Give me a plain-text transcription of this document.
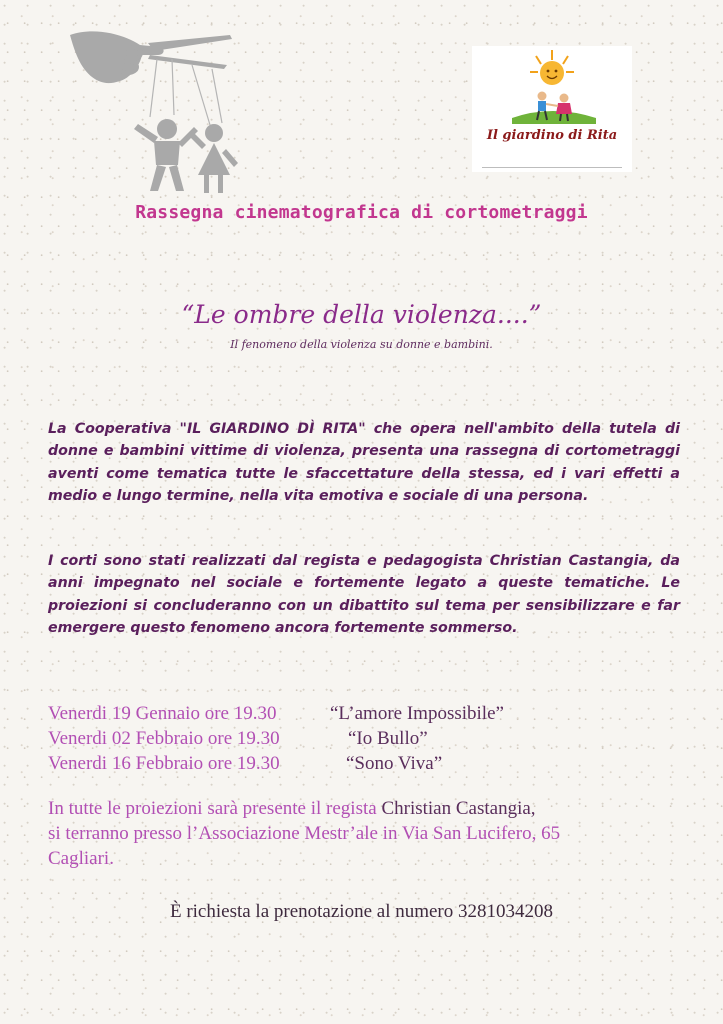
Il giardino di Rita
Rassegna cinematografica di cortometraggi
“Le ombre della violenza....”
Il fenomeno della violenza su donne e bambini.

La Cooperativa "IL GIARDINO DÌ RITA" che opera nell'ambito della tutela di donne e bambini vittime di violenza, presenta una rassegna di cortometraggi aventi come tematica tutte le sfaccettature della stessa, ed i vari effetti a medio e lungo termine, nella vita emotiva e sociale di una persona.

I corti sono stati realizzati dal regista e pedagogista Christian Castangia, da anni impegnato nel sociale e fortemente legato a queste tematiche. Le proiezioni si concluderanno con un dibattito sul tema per sensibilizzare e far emergere questo fenomeno ancora fortemente sommerso.

Venerdi 19 Gennaio ore 19.30	“L’amore Impossibile”
Venerdi 02 Febbraio ore 19.30	“Io Bullo”
Venerdi 16 Febbraio ore 19.30	“Sono Viva”
In tutte le proiezioni sarà presente il regista Christian Castangia,
si terranno presso l’Associazione Mestr’ale in Via San Lucifero, 65
Cagliari.
È richiesta la prenotazione al numero 3281034208
